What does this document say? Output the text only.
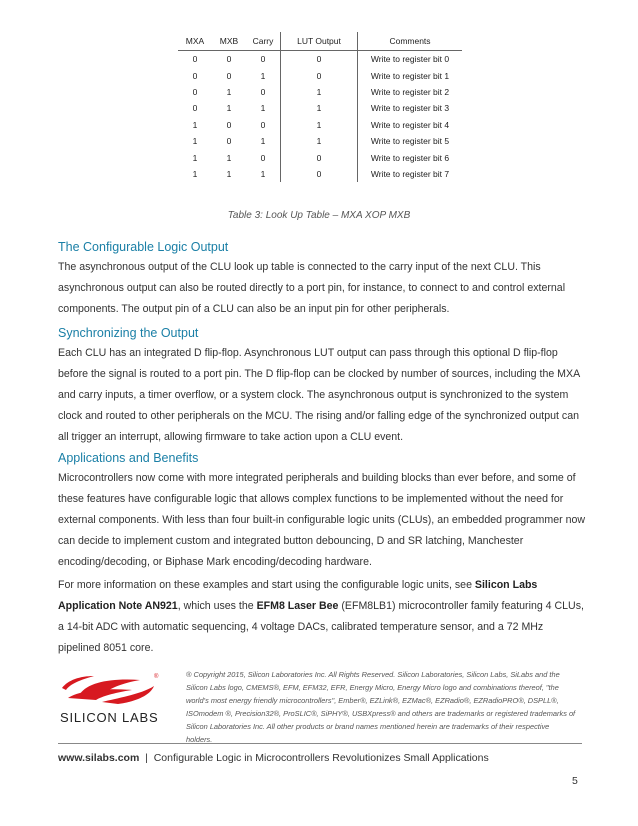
MXA	MXB	Carry	LUT Output	Comments
0	0	0	0	Write to register bit 0
0	0	1	0	Write to register bit 1
0	1	0	1	Write to register bit 2
0	1	1	1	Write to register bit 3
1	0	0	1	Write to register bit 4
1	0	1	1	Write to register bit 5
1	1	0	0	Write to register bit 6
1	1	1	0	Write to register bit 7
Table 3: Look Up Table – MXA XOP MXB
The Configurable Logic Output

The asynchronous output of the CLU look up table is connected to the carry input of the next CLU. This asynchronous output can also be routed directly to a port pin, for instance, to connect to and control external components. The output pin of a CLU can also be an input pin for other peripherals.

Synchronizing the Output

Each CLU has an integrated D flip-flop. Asynchronous LUT output can pass through this optional D flip-flop before the signal is routed to a port pin. The D flip-flop can be clocked by number of sources, including the MXA and carry inputs, a timer overflow, or a system clock. The asynchronous output is synchronized to the system clock and routed to other peripherals on the MCU. The rising and/or falling edge of the synchronized output can all trigger an interrupt, allowing firmware to take action upon a CLU event.

Applications and Benefits

Microcontrollers now come with more integrated peripherals and building blocks than ever before, and some of these features have configurable logic that allows complex functions to be implemented without the need for external components. With less than four built-in configurable logic units (CLUs), an embedded programmer now can decide to implement custom and integrated button debouncing, D and SR latching, Manchester encoding/decoding, or Biphase Mark encoding/decoding hardware.

For more information on these examples and start using the configurable logic units, see Silicon Labs Application Note AN921, which uses the EFM8 Laser Bee (EFM8LB1) microcontroller family featuring 4 CLUs, a 14-bit ADC with automatic sequencing, 4 voltage DACs, calibrated temperature sensor, and a 72 MHz pipelined 8051 core.

®
SILICON LABS

® Copyright 2015, Silicon Laboratories Inc. All Rights Reserved. Silicon Laboratories, Silicon Labs, SiLabs and the Silicon Labs logo, CMEMS®, EFM, EFM32, EFR, Energy Micro, Energy Micro logo and combinations thereof, "the world's most energy friendly microcontrollers", Ember®, EZLink®, EZMac®, EZRadio®, EZRadioPRO®, DSPLL®, ISOmodem ®, Precision32®, ProSLIC®, SiPHY®, USBXpress® and others are trademarks or registered trademarks of Silicon Laboratories Inc. All other products or brand names mentioned herein are trademarks of their respective holders.

www.silabs.com  |  Configurable Logic in Microcontrollers Revolutionizes Small Applications
5
